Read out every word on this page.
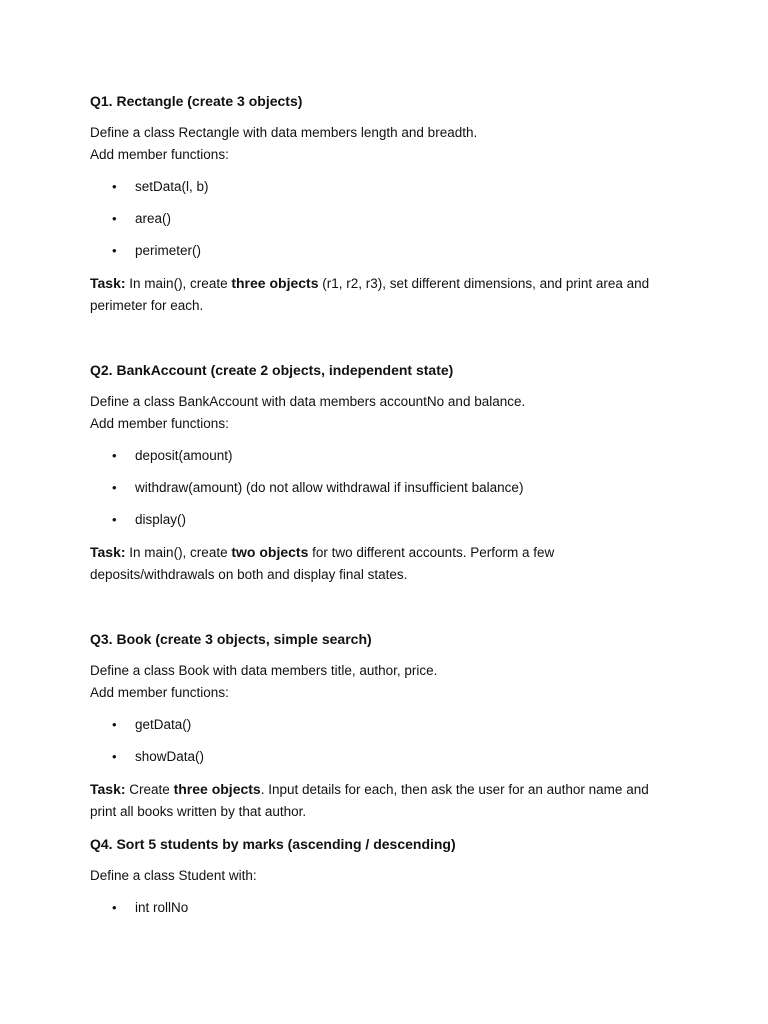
Q1. Rectangle (create 3 objects)

Define a class Rectangle with data members length and breadth.

Add member functions:

• setData(l, b)
• area()
• perimeter()

Task: In main(), create three objects (r1, r2, r3), set different dimensions, and print area and perimeter for each.

Q2. BankAccount (create 2 objects, independent state)

Define a class BankAccount with data members accountNo and balance.

Add member functions:

• deposit(amount)
• withdraw(amount) (do not allow withdrawal if insufficient balance)
• display()

Task: In main(), create two objects for two different accounts. Perform a few deposits/withdrawals on both and display final states.

Q3. Book (create 3 objects, simple search)

Define a class Book with data members title, author, price.

Add member functions:

• getData()
• showData()

Task: Create three objects. Input details for each, then ask the user for an author name and print all books written by that author.

Q4. Sort 5 students by marks (ascending / descending)

Define a class Student with:

• int rollNo
